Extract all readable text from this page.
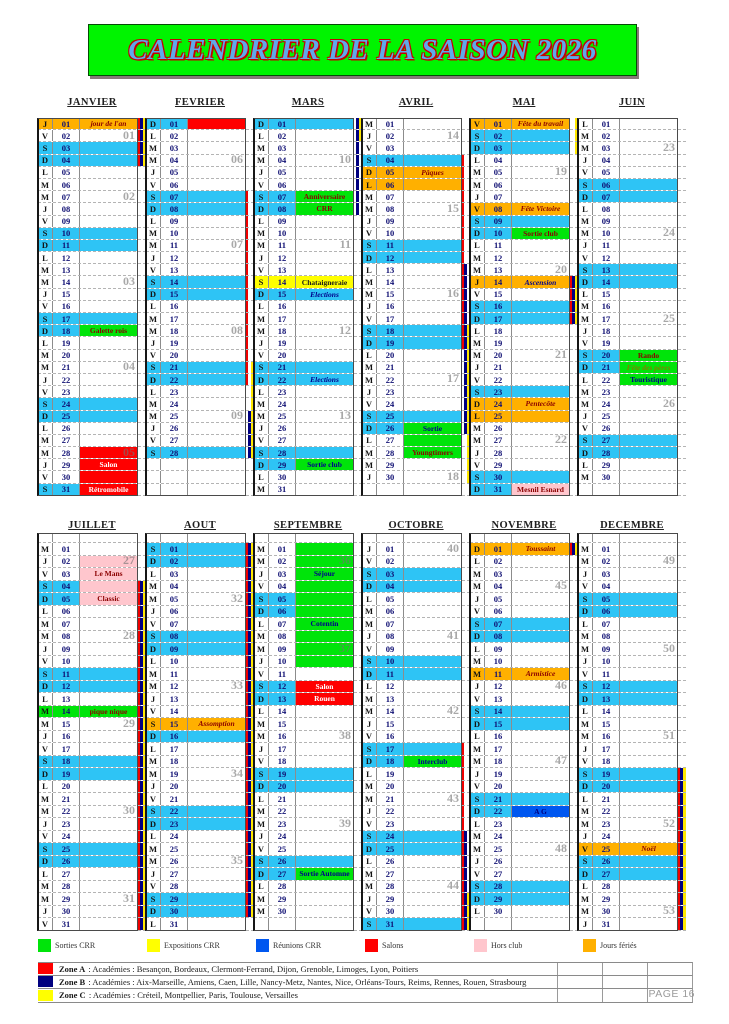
CALENDRIER DE LA SAISON 2026
JANVIER
J	01	jour de l'an
V	02	01
S	03
D	04
L	05
M	06
M	07	02
J	08
V	09
S	10
D	11
L	12
M	13
M	14	03
J	15
V	16
S	17
D	18	Galette rois
L	19
M	20
M	21	04
J	22
V	23
S	24
D	25
L	26
M	27
M	28	05
J	29	Salon
V	30
S	31	Rétromobile
FEVRIER
D	01
L	02
M	03
M	04	06
J	05
V	06
S	07
D	08
L	09
M	10
M	11	07
J	12
V	13
S	14
D	15
L	16
M	17
M	18	08
J	19
V	20
S	21
D	22
L	23
M	24
M	25	09
J	26
V	27
S	28
MARS
D	01
L	02
M	03
M	04	10
J	05
V	06
S	07	Anniversaire
D	08	CRR
L	09
M	10
M	11	11
J	12
V	13
S	14	Chataigneraie
D	15	Elections
L	16
M	17
M	18	12
J	19
V	20
S	21
D	22	Elections
L	23
M	24
M	25	13
J	26
V	27
S	28
D	29	Sortie club
L	30
M	31
AVRIL
M	01
J	02	14
V	03
S	04
D	05	Pâques
L	06
M	07
M	08	15
J	09
V	10
S	11
D	12
L	13
M	14
M	15	16
J	16
V	17
S	18
D	19
L	20
M	21
M	22	17
J	23
V	24
S	25
D	26	Sortie
L	27
M	28	Youngtimers
M	29
J	30	18
MAI
V	01	Fête du travail
S	02
D	03
L	04
M	05	19
M	06
J	07
V	08	Fête Victoire
S	09
D	10	Sortie club
L	11
M	12
M	13	20
J	14	Ascension
V	15
S	16
D	17
L	18
M	19
M	20	21
J	21
V	22
S	23
D	24	Pentecôte
L	25
M	26
M	27	22
J	28
V	29
S	30
D	31	Mesnil Esnard
JUIN
L	01
M	02
M	03	23
J	04
V	05
S	06
D	07
L	08
M	09
M	10	24
J	11
V	12
S	13
D	14
L	15
M	16
M	17	25
J	18
V	19
S	20	Rando
D	21	Fête des pères
L	22	Touristique
M	23
M	24	26
J	25
V	26
S	27
D	28
L	29
M	30
JUILLET
M	01
J	02	27
V	03	Le Mans
S	04
D	05	Classic
L	06
M	07
M	08	28
J	09
V	10
S	11
D	12
L	13
M	14	pique nique
M	15	29
J	16
V	17
S	18
D	19
L	20
M	21
M	22	30
J	23
V	24
S	25
D	26
L	27
M	28
M	29	31
J	30
V	31
AOUT
S	01
D	02
L	03
M	04
M	05	32
J	06
V	07
S	08
D	09
L	10
M	11
M	12	33
J	13
V	14
S	15	Assomption
D	16
L	17
M	18
M	19	34
J	20
V	21
S	22
D	23
L	24
M	25
M	26	35
J	27
V	28
S	29
D	30
L	31
SEPTEMBRE
M	01
M	02	36
J	03	Séjour
V	04
S	05
D	06
L	07	Cotentin
M	08
M	09	37
J	10
V	11
S	12	Salon
D	13	Rouen
L	14
M	15
M	16	38
J	17
V	18
S	19
D	20
L	21
M	22
M	23	39
J	24
V	25
S	26
D	27	Sortie Automne
L	28
M	29
M	30
OCTOBRE
J	01	40
V	02
S	03
D	04
L	05
M	06
M	07
J	08	41
V	09
S	10
D	11
L	12
M	13
M	14	42
J	15
V	16
S	17
D	18	Interclub
L	19
M	20
M	21	43
J	22
V	23
S	24
D	25
L	26
M	27
M	28	44
J	29
V	30
S	31
NOVEMBRE
D	01	Toussaint
L	02
M	03
M	04	45
J	05
V	06
S	07
D	08
L	09
M	10
M	11	Armistice
J	12	46
V	13
S	14
D	15
L	16
M	17
M	18	47
J	19
V	20
S	21
D	22	A G
L	23
M	24
M	25	48
J	26
V	27
S	28
D	29
L	30
DECEMBRE
M	01
M	02	49
J	03
V	04
S	05
D	06
L	07
M	08
M	09	50
J	10
V	11
S	12
D	13
L	14
M	15
M	16	51
J	17
V	18
S	19
D	20
L	21
M	22
M	23	52
J	24
V	25	Noël
S	26
D	27
L	28
M	29
M	30	53
J	31
Sorties CRR	Expositions CRR	Réunions CRR	Salons	Hors club	Jours fériés
Zone A : Académies : Besançon, Bordeaux, Clermont-Ferrand, Dijon, Grenoble, Limoges, Lyon, Poitiers
Zone B : Académies : Aix-Marseille, Amiens, Caen, Lille, Nancy-Metz, Nantes, Nice, Orléans-Tours, Reims, Rennes, Rouen, Strasbourg
Zone C : Académies : Créteil, Montpellier, Paris, Toulouse, Versailles	PAGE 16
